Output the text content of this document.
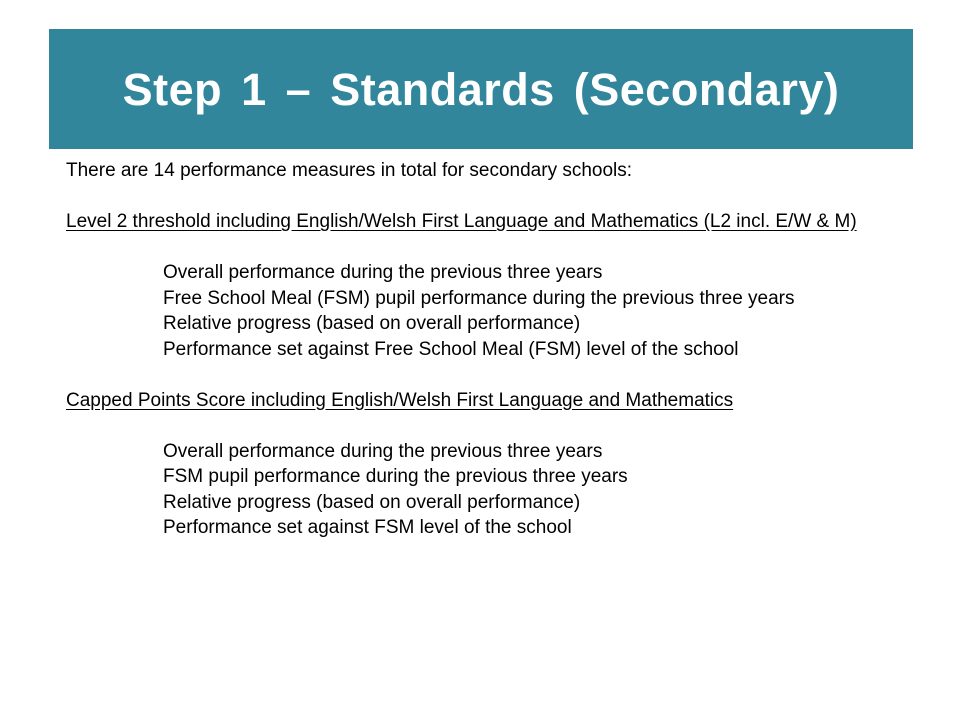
Step 1 – Standards (Secondary)

There are 14 performance measures in total for secondary schools:

Level 2 threshold including English/Welsh First Language and Mathematics (L2 incl. E/W & M)

Overall performance during the previous three years
Free School Meal (FSM) pupil performance during the previous three years
Relative progress (based on overall performance)
Performance set against Free School Meal (FSM) level of the school

Capped Points Score including English/Welsh First Language and Mathematics

Overall performance during the previous three years
FSM pupil performance during the previous three years
Relative progress (based on overall performance)
Performance set against FSM level of the school
